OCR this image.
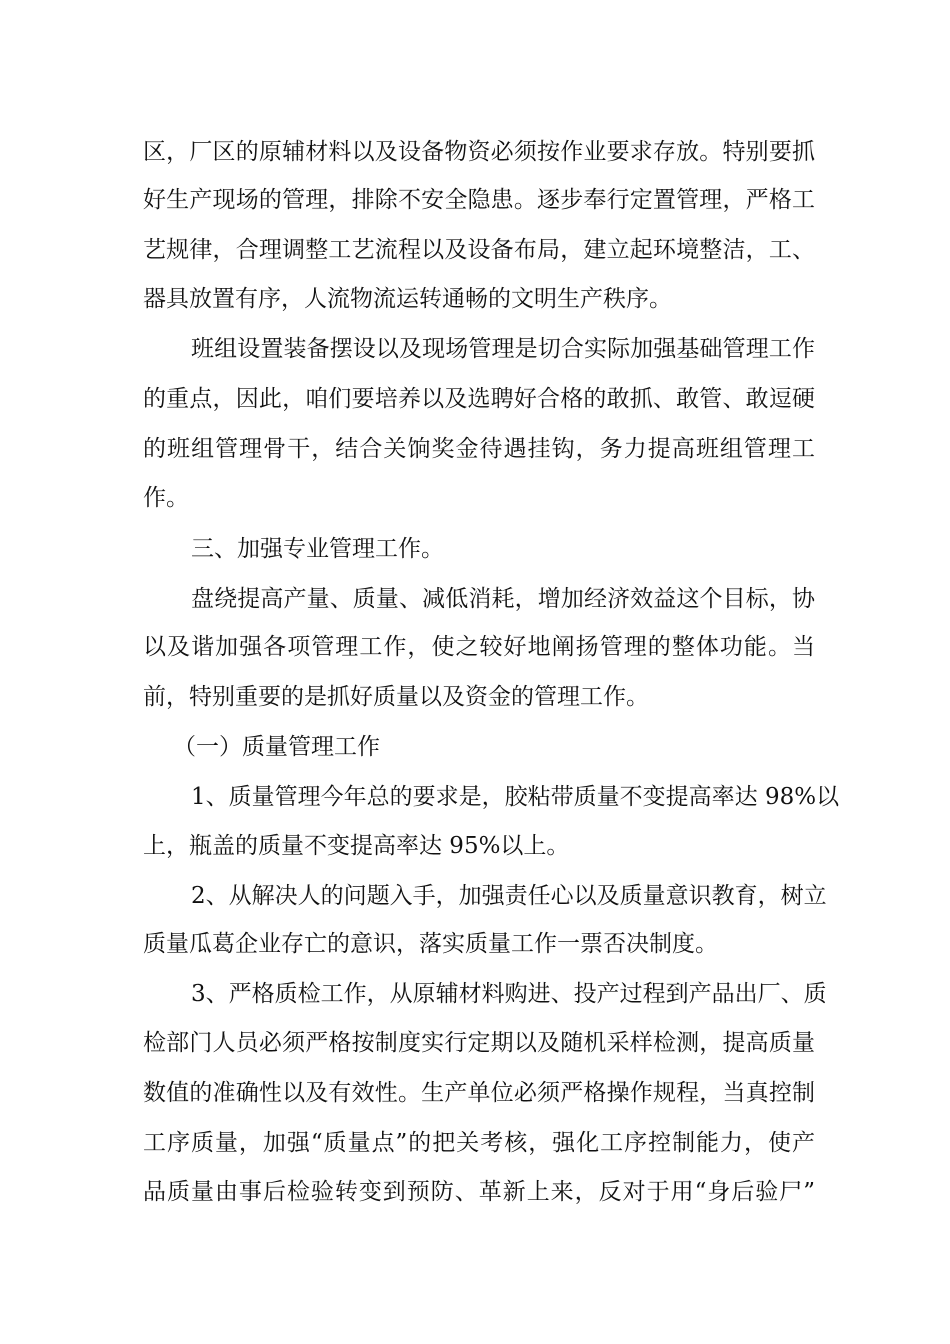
区，厂区的原辅材料以及设备物资必须按作业要求存放。特别要抓
好生产现场的管理，排除不安全隐患。逐步奉行定置管理，严格工
艺规律，合理调整工艺流程以及设备布局，建立起环境整洁，工、
器具放置有序，人流物流运转通畅的文明生产秩序。
班组设置装备摆设以及现场管理是切合实际加强基础管理工作
的重点，因此，咱们要培养以及选聘好合格的敢抓、敢管、敢逗硬
的班组管理骨干，结合关饷奖金待遇挂钩，务力提高班组管理工
作。
三、加强专业管理工作。
盘绕提高产量、质量、减低消耗，增加经济效益这个目标，协
以及谐加强各项管理工作，使之较好地阐扬管理的整体功能。当
前，特别重要的是抓好质量以及资金的管理工作。
（一）质量管理工作
1、质量管理今年总的要求是，胶粘带质量不变提高率达 98%以
上，瓶盖的质量不变提高率达 95%以上。
2、从解决人的问题入手，加强责任心以及质量意识教育，树立
质量瓜葛企业存亡的意识，落实质量工作一票否决制度。
3、严格质检工作，从原辅材料购进、投产过程到产品出厂、质
检部门人员必须严格按制度实行定期以及随机采样检测，提高质量
数值的准确性以及有效性。生产单位必须严格操作规程，当真控制
工序质量，加强“质量点”的把关考核，强化工序控制能力，使产
品质量由事后检验转变到预防、革新上来，反对于用“身后验尸”
